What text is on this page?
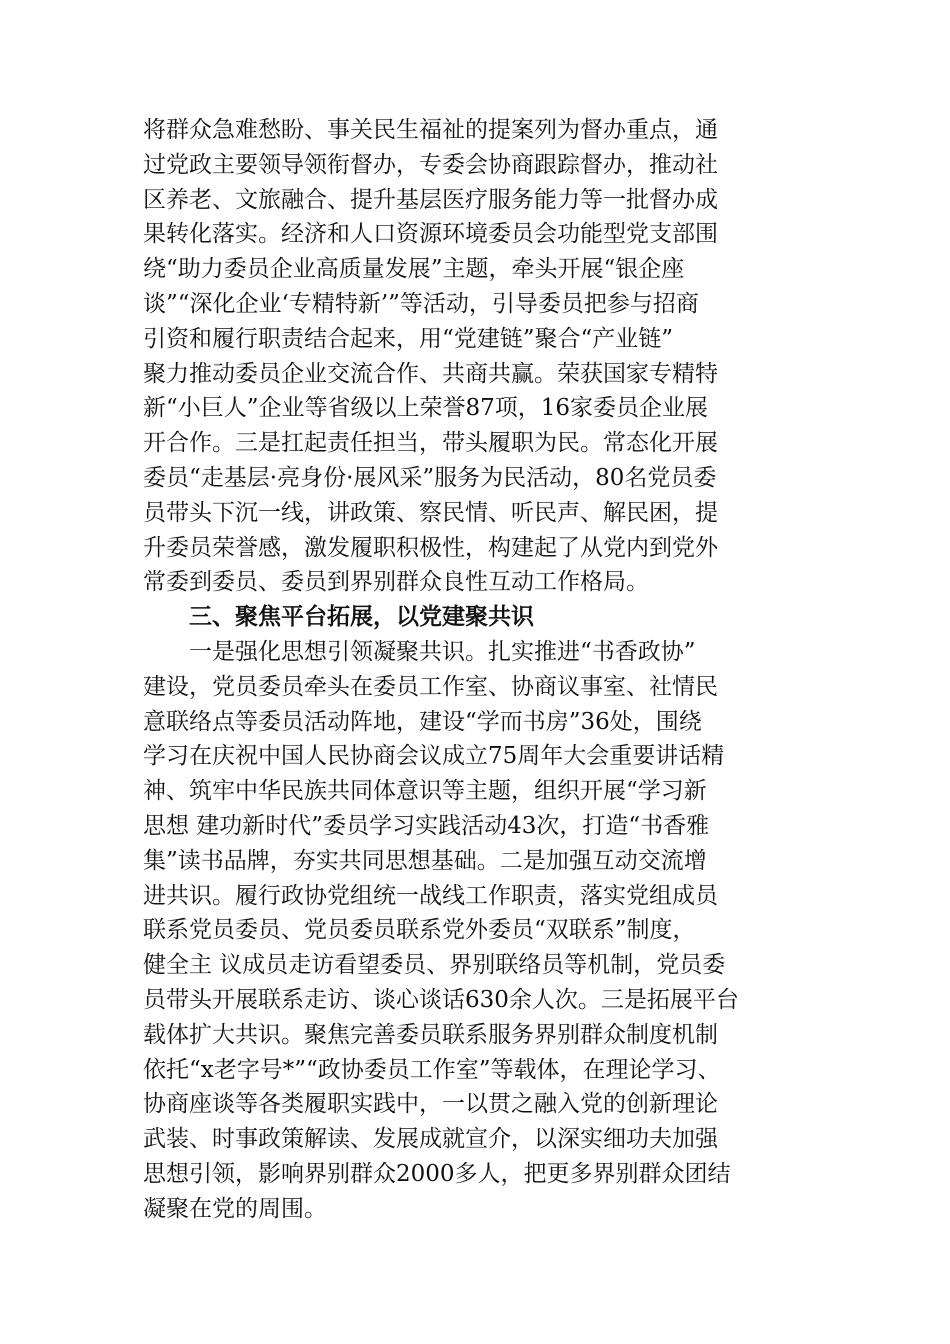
将群众急难愁盼、事关民生福祉的提案列为督办重点，通
过党政主要领导领衔督办，专委会协商跟踪督办，推动社
区养老、文旅融合、提升基层医疗服务能力等一批督办成
果转化落实。经济和人口资源环境委员会功能型党支部围
绕“助力委员企业高质量发展”主题，牵头开展“银企座
谈”“深化企业‘专精特新’”等活动，引导委员把参与招商
引资和履行职责结合起来，用“党建链”聚合“产业链”
聚力推动委员企业交流合作、共商共赢。荣获国家专精特
新“小巨人”企业等省级以上荣誉87项，16家委员企业展
开合作。三是扛起责任担当，带头履职为民。常态化开展
委员“走基层·亮身份·展风采”服务为民活动，80名党员委
员带头下沉一线，讲政策、察民情、听民声、解民困，提
升委员荣誉感，激发履职积极性，构建起了从党内到党外
常委到委员、委员到界别群众良性互动工作格局。
三、聚焦平台拓展，以党建聚共识
一是强化思想引领凝聚共识。扎实推进“书香政协”
建设，党员委员牵头在委员工作室、协商议事室、社情民
意联络点等委员活动阵地，建设“学而书房”36处，围绕
学习在庆祝中国人民协商会议成立75周年大会重要讲话精
神、筑牢中华民族共同体意识等主题，组织开展“学习新
思想 建功新时代”委员学习实践活动43次，打造“书香雅
集”读书品牌，夯实共同思想基础。二是加强互动交流增
进共识。履行政协党组统一战线工作职责，落实党组成员
联系党员委员、党员委员联系党外委员“双联系”制度，
健全主 议成员走访看望委员、界别联络员等机制，党员委
员带头开展联系走访、谈心谈话630余人次。三是拓展平台
载体扩大共识。聚焦完善委员联系服务界别群众制度机制
依托“x老字号*”“政协委员工作室”等载体，在理论学习、
协商座谈等各类履职实践中，一以贯之融入党的创新理论
武装、时事政策解读、发展成就宣介，以深实细功夫加强
思想引领，影响界别群众2000多人，把更多界别群众团结
凝聚在党的周围。
